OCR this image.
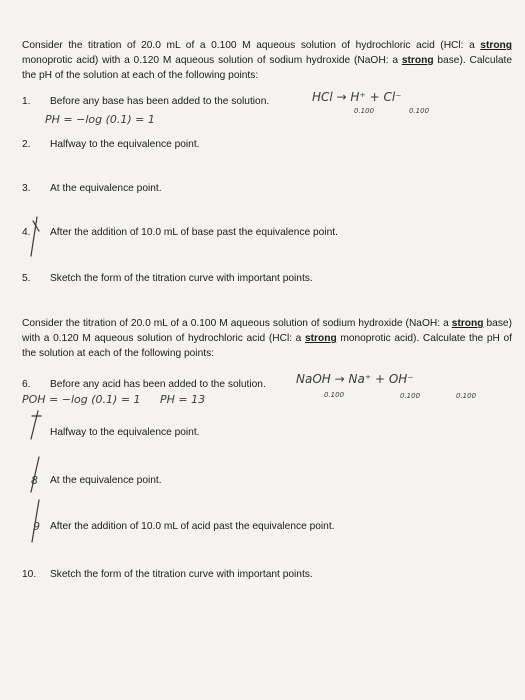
Consider the titration of 20.0 mL of a 0.100 M aqueous solution of hydrochloric acid (HCl: a strong monoprotic acid) with a 0.120 M aqueous solution of sodium hydroxide (NaOH: a strong base). Calculate the pH of the solution at each of the following points:
1. Before any base has been added to the solution.	HCl → H⁺ + Cl⁻
0.100	0.100
PH = −log (0.1) = 1
2. Halfway to the equivalence point.
3. At the equivalence point.
4. After the addition of 10.0 mL of base past the equivalence point.
5. Sketch the form of the titration curve with important points.
Consider the titration of 20.0 mL of a 0.100 M aqueous solution of sodium hydroxide (NaOH: a strong base) with a 0.120 M aqueous solution of hydrochloric acid (HCl: a strong monoprotic acid). Calculate the pH of the solution at each of the following points:
6. Before any acid has been added to the solution.	NaOH → Na⁺ + OH⁻
0.100	0.100	0.100
POH = −log (0.1) = 1 PH = 13
Halfway to the equivalence point.
At the equivalence point.
After the addition of 10.0 mL of acid past the equivalence point.
10. Sketch the form of the titration curve with important points.
8
9
